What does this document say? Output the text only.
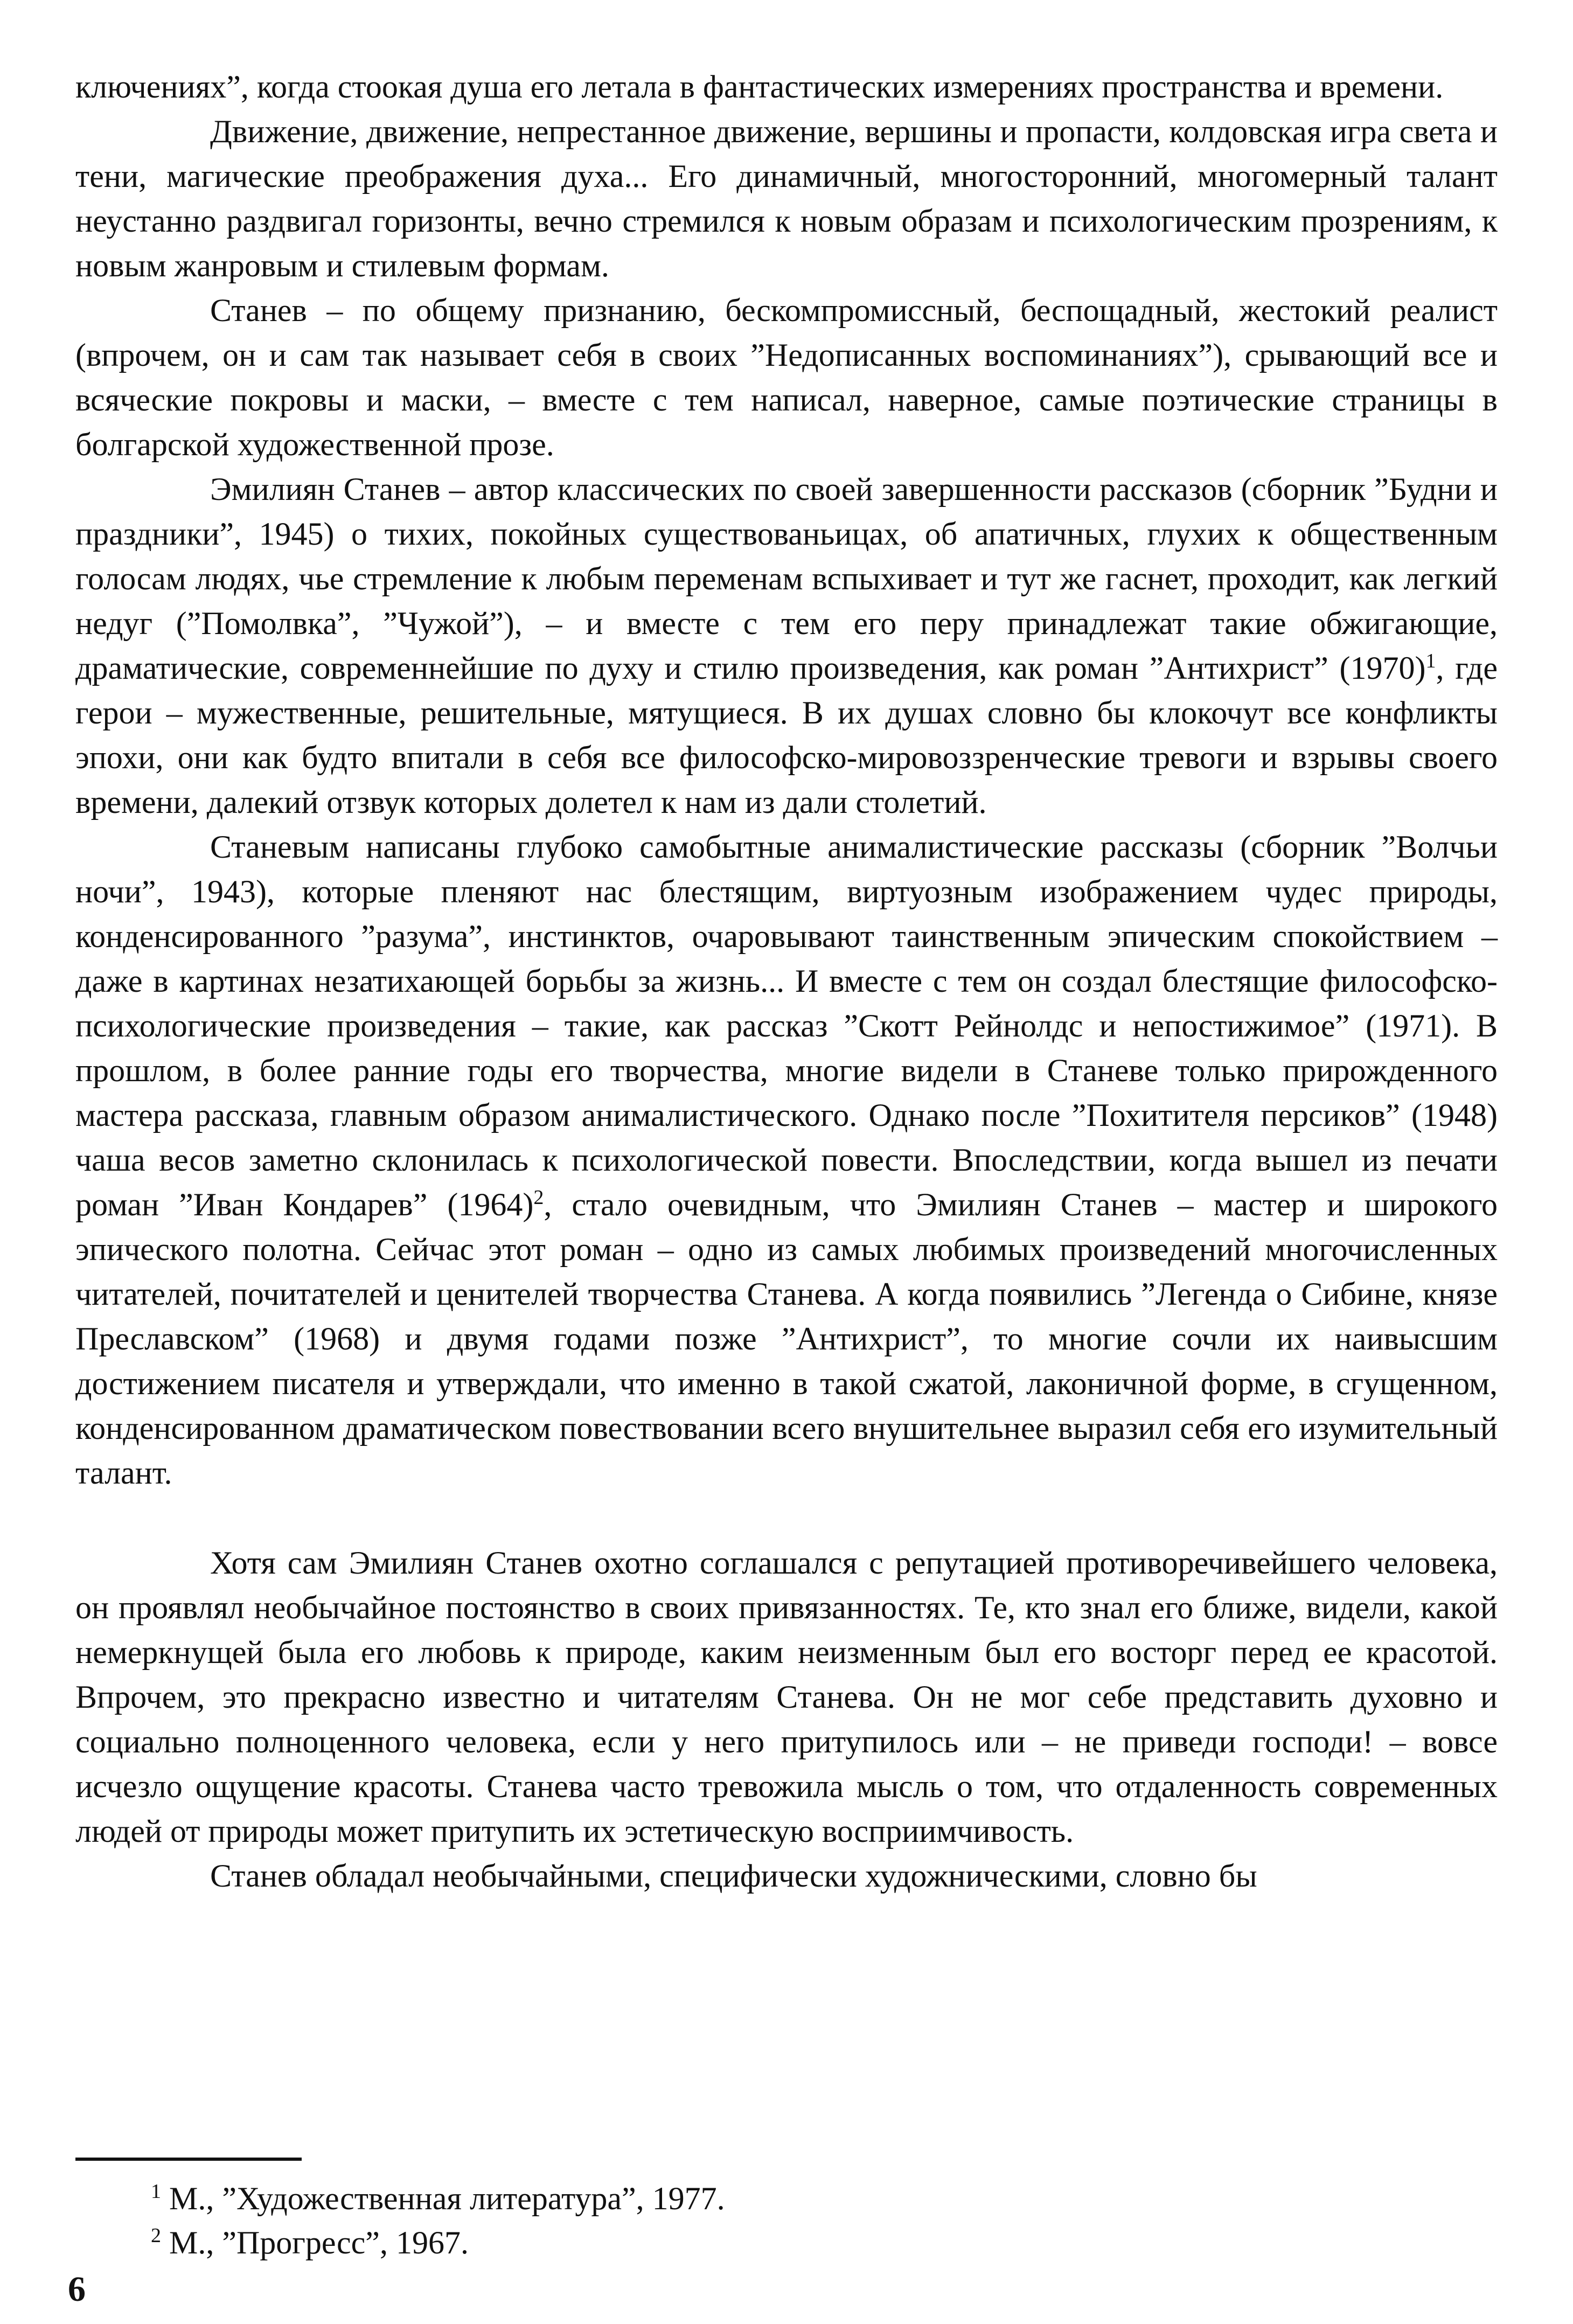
ключениях”, когда стоокая душа его летала в фантастических измерениях пространства и времени.

Движение, движение, непрестанное движение, вершины и пропасти, колдовская игра света и тени, магические преображения духа... Его динамичный, многосторонний, многомерный талант неустанно раздвигал горизонты, вечно стремился к новым образам и психологическим прозрениям, к новым жанровым и стилевым формам.

Станев – по общему признанию, бескомпромиссный, беспощадный, жестокий реалист (впрочем, он и сам так называет себя в своих ”Недописанных воспоминаниях”), срывающий все и всяческие покровы и маски, – вместе с тем написал, наверное, самые поэтические страницы в болгарской художественной прозе.

Эмилиян Станев – автор классических по своей завершенности рассказов (сборник ”Будни и праздники”, 1945) о тихих, покойных существованьицах, об апатичных, глухих к общественным голосам людях, чье стремление к любым переменам вспыхивает и тут же гаснет, проходит, как легкий недуг (”Помолвка”, ”Чужой”), – и вместе с тем его перу принадлежат такие обжигающие, драматические, современнейшие по духу и стилю произведения, как роман ”Антихрист” $(1970)^1$, где герои – мужественные, решительные, мятущиеся. В их душах словно бы клокочут все конфликты эпохи, они как будто впитали в себя все философско-мировоззренческие тревоги и взрывы своего времени, далекий отзвук которых долетел к нам из дали столетий.

Станевым написаны глубоко самобытные анималистические рассказы (сборник ”Волчьи ночи”, 1943), которые пленяют нас блестящим, виртуозным изображением чудес природы, конденсированного ”разума”, инстинктов, очаровывают таинственным эпическим спокойствием – даже в картинах незатихающей борьбы за жизнь... И вместе с тем он создал блестящие философско-психологические произведения – такие, как рассказ ”Скотт Рейнолдс и непостижимое” (1971). В прошлом, в более ранние годы его творчества, многие видели в Станеве только прирожденного мастера рассказа, главным образом анималистического. Однако после ”Похитителя персиков” (1948) чаша весов заметно склонилась к психологической повести. Впоследствии, когда вышел из печати роман ”Иван Кондарев” $(1964)^2$, стало очевидным, что Эмилиян Станев – мастер и широкого эпического полотна. Сейчас этот роман – одно из самых любимых произведений многочисленных читателей, почитателей и ценителей творчества Станева. А когда появились ”Легенда о Сибине, князе Преславском” (1968) и двумя годами позже ”Антихрист”, то многие сочли их наивысшим достижением писателя и утверждали, что именно в такой сжатой, лаконичной форме, в сгущенном, конденсированном драматическом повествовании всего внушительнее выразил себя его изумительный талант.

Хотя сам Эмилиян Станев охотно соглашался с репутацией противоречивейшего человека, он проявлял необычайное постоянство в своих привязанностях. Те, кто знал его ближе, видели, какой немеркнущей была его любовь к природе, каким неизменным был его восторг перед ее красотой. Впрочем, это прекрасно известно и читателям Станева. Он не мог себе представить духовно и социально полноценного человека, если у него притупилось или – не приведи господи! – вовсе исчезло ощущение красоты. Станева часто тревожила мысль о том, что отдаленность современных людей от природы может притупить их эстетическую восприимчивость.

Станев обладал необычайными, специфически художническими, словно бы

$^1$ М., ”Художественная литература”, 1977.

$^2$ М., ”Прогресс”, 1967.

6
